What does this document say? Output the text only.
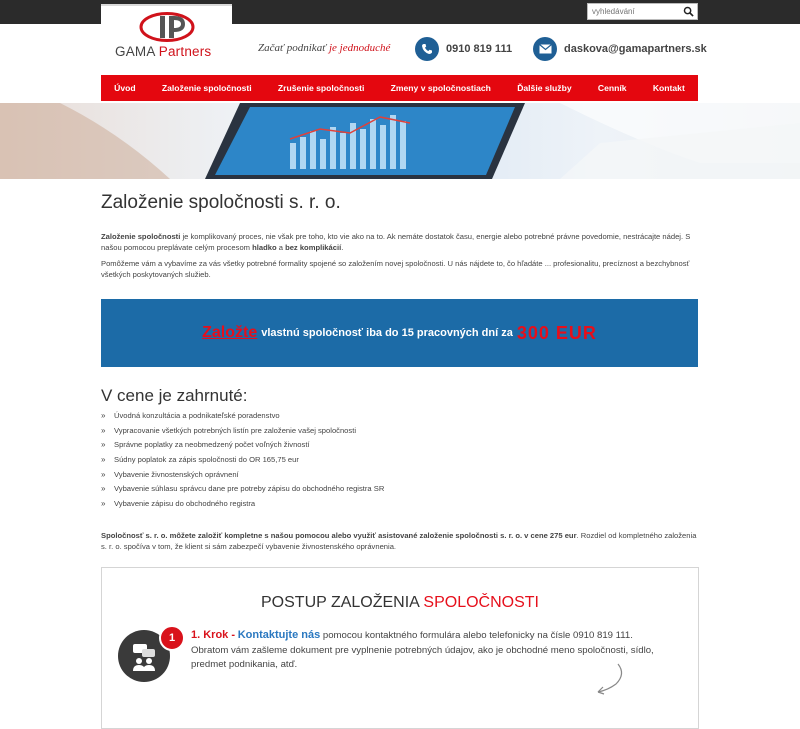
vyhledávání
GAMA Partners	Začať podnikať je jednoduché	0910 819 111	daskova@gamapartners.sk
Úvod	Založenie spoločnosti	Zrušenie spoločnosti	Zmeny v spoločnostiach	Ďalšie služby	Cenník	Kontakt
Založenie spoločnosti s. r. o.

Založenie spoločnosti je komplikovaný proces, nie však pre toho, kto vie ako na to. Ak nemáte dostatok času, energie alebo potrebné právne povedomie, nestrácajte nádej. S našou pomocou preplávate celým procesom hladko a bez komplikácií.

Pomôžeme vám a vybavíme za vás všetky potrebné formality spojené so založením novej spoločnosti. U nás nájdete to, čo hľadáte ... profesionalitu, precíznost a bezchybnosť všetkých poskytovaných služieb.

Založte vlastnú spoločnosť iba do 15 pracovných dní za 300 EUR
V cene je zahrnuté:
»	Úvodná konzultácia a podnikateľské poradenstvo
»	Vypracovanie všetkých potrebných listín pre založenie vašej spoločnosti
»	Správne poplatky za neobmedzený počet voľných živností
»	Súdny poplatok za zápis spoločnosti do OR 165,75 eur
»	Vybavenie živnostenských oprávnení
»	Vybavenie súhlasu správcu dane pre potreby zápisu do obchodného registra SR
»	Vybavenie zápisu do obchodného registra

Spoločnosť s. r. o. môžete založiť kompletne s našou pomocou alebo využiť asistované založenie spoločnosti s. r. o. v cene 275 eur. Rozdiel od kompletného založenia s. r. o. spočíva v tom, že klient si sám zabezpečí vybavenie živnostenského oprávnenia.

POSTUP ZALOŽENIA SPOLOČNOSTI
1	1. Krok - Kontaktujte nás pomocou kontaktného formulára alebo telefonicky na čísle 0910 819 111. Obratom vám zašleme dokument pre vyplnenie potrebných údajov, ako je obchodné meno spoločnosti, sídlo, predmet podnikania, atď.
